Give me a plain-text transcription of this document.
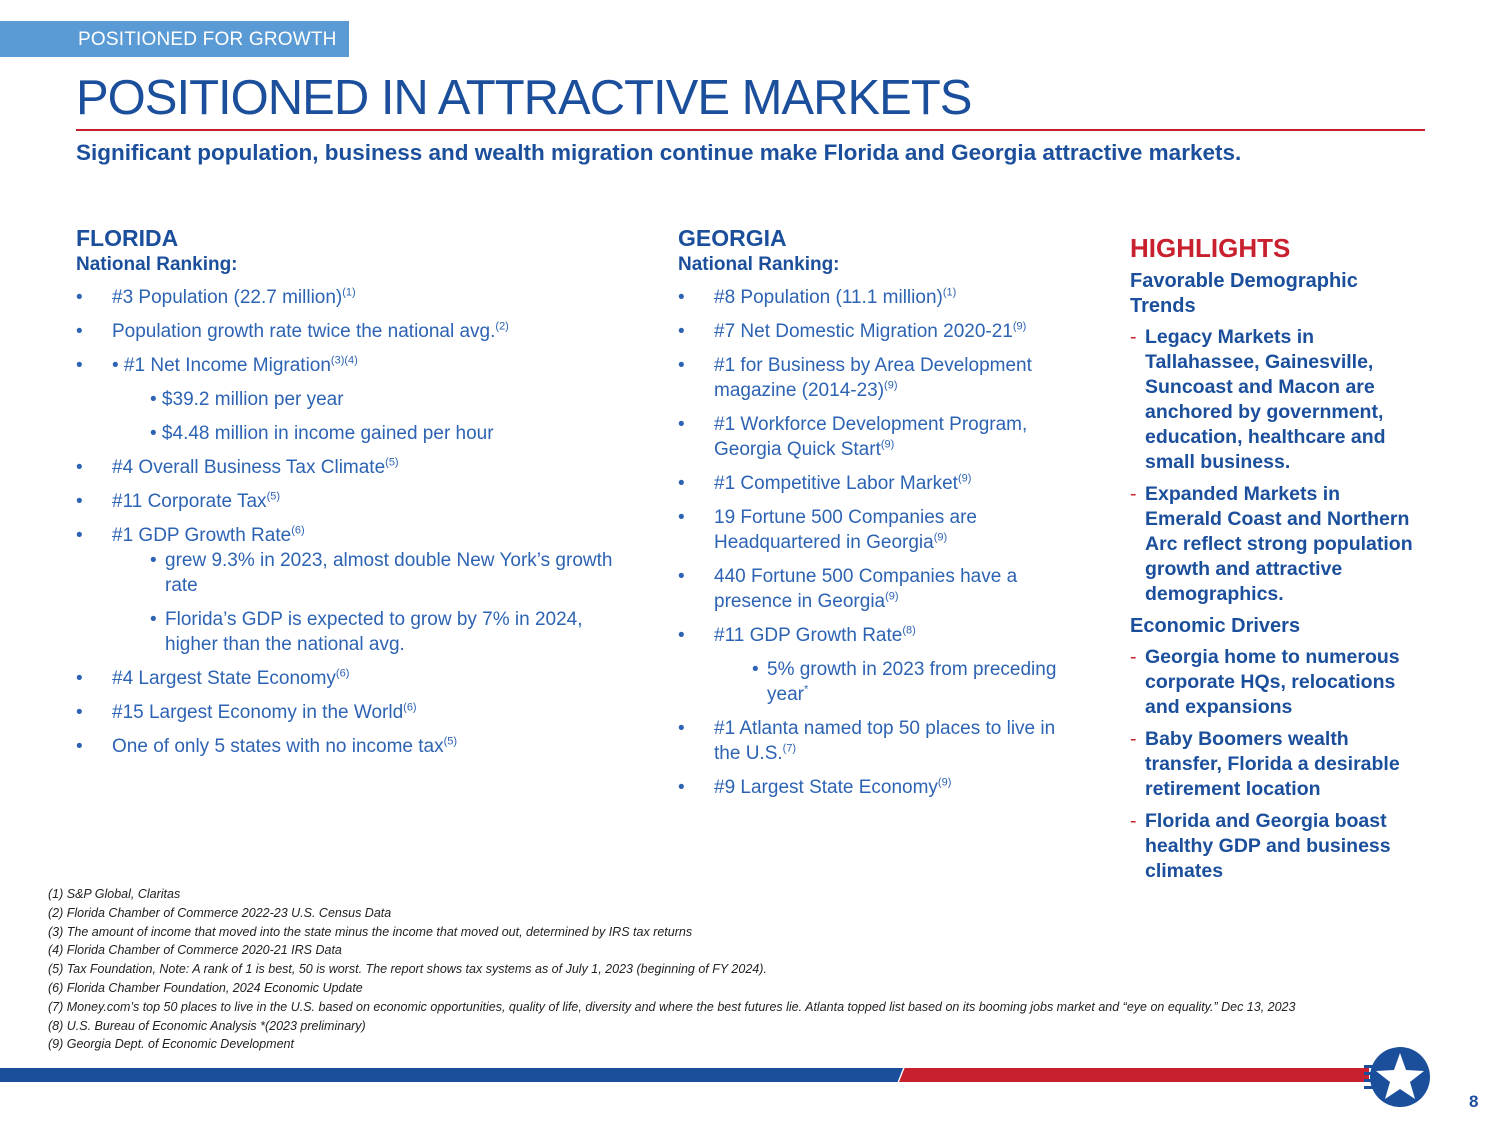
POSITIONED FOR GROWTH
POSITIONED IN ATTRACTIVE MARKETS
Significant population, business and wealth migration continue make Florida and Georgia attractive markets.
FLORIDA
National Ranking:
• #3 Population (22.7 million)$^{(1)}$
• Population growth rate twice the national avg.$^{(2)}$
• • #1 Net Income Migration$^{(3)(4)}$
• $39.2 million per year
• $4.48 million in income gained per hour
• #4 Overall Business Tax Climate$^{(5)}$
• #11 Corporate Tax$^{(5)}$
• #1 GDP Growth Rate$^{(6)}$
• grew 9.3% in 2023, almost double New York’s growth rate
• Florida’s GDP is expected to grow by 7% in 2024, higher than the national avg.
• #4 Largest State Economy$^{(6)}$
• #15 Largest Economy in the World$^{(6)}$
• One of only 5 states with no income tax$^{(5)}$
GEORGIA
National Ranking:
• #8 Population (11.1 million)$^{(1)}$
• #7 Net Domestic Migration 2020-21$^{(9)}$
• #1 for Business by Area Development magazine (2014-23)$^{(9)}$
• #1 Workforce Development Program, Georgia Quick Start$^{(9)}$
• #1 Competitive Labor Market$^{(9)}$
• 19 Fortune 500 Companies are Headquartered in Georgia$^{(9)}$
• 440 Fortune 500 Companies have a presence in Georgia$^{(9)}$
• #11 GDP Growth Rate$^{(8)}$
• 5% growth in 2023 from preceding year*
• #1 Atlanta named top 50 places to live in the U.S.$^{(7)}$
• #9 Largest State Economy$^{(9)}$
HIGHLIGHTS
Favorable Demographic Trends
- Legacy Markets in Tallahassee, Gainesville, Suncoast and Macon are anchored by government, education, healthcare and small business.
- Expanded Markets in Emerald Coast and Northern Arc reflect strong population growth and attractive demographics.
Economic Drivers
- Georgia home to numerous corporate HQs, relocations and expansions
- Baby Boomers wealth transfer, Florida a desirable retirement location
- Florida and Georgia boast healthy GDP and business climates
(1) S&P Global, Claritas
(2) Florida Chamber of Commerce 2022-23 U.S. Census Data
(3) The amount of income that moved into the state minus the income that moved out, determined by IRS tax returns
(4) Florida Chamber of Commerce 2020-21 IRS Data
(5) Tax Foundation, Note: A rank of 1 is best, 50 is worst. The report shows tax systems as of July 1, 2023 (beginning of FY 2024).
(6) Florida Chamber Foundation, 2024 Economic Update
(7) Money.com’s top 50 places to live in the U.S. based on economic opportunities, quality of life, diversity and where the best futures lie. Atlanta topped list based on its booming jobs market and “eye on equality.” Dec 13, 2023
(8) U.S. Bureau of Economic Analysis *(2023 preliminary)
(9) Georgia Dept. of Economic Development
8
